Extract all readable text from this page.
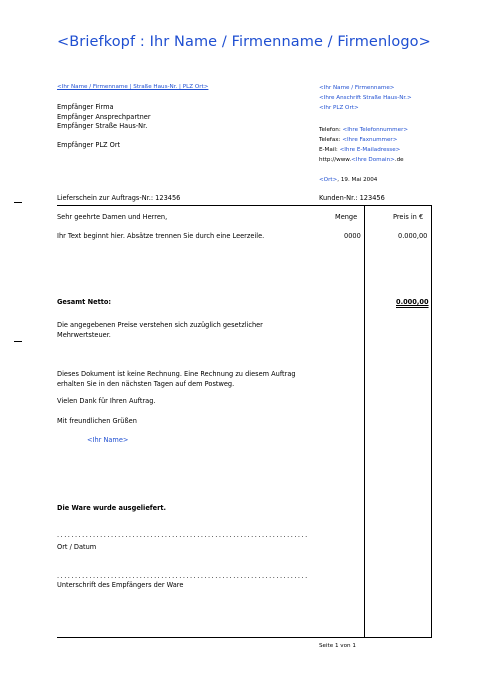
<Briefkopf : Ihr Name / Firmenname / Firmenlogo>
<Ihr Name / Firmenname | Straße Haus-Nr. | PLZ Ort>
Empfänger Firma
Empfänger Ansprechpartner
Empfänger Straße Haus-Nr.
Empfänger PLZ Ort
<Ihr Name / Firmenname>
<Ihre Anschrift Straße Haus-Nr.>
<Ihr PLZ Ort>
Telefon: <Ihre Telefonnummer>
Telefax: <Ihre Faxnummer>
E-Mail: <Ihre E-Mailadresse>
http://www.<Ihre Domain>.de
<Ort>, 19. Mai 2004
Lieferschein zur Auftrags-Nr.: 123456	Kunden-Nr.: 123456
Sehr geehrte Damen und Herren,	Menge	Preis in €
Ihr Text beginnt hier. Absätze trennen Sie durch eine Leerzeile.	0000	0.000,00
Gesamt Netto:	0.000,00
Die angegebenen Preise verstehen sich zuzüglich gesetzlicher
Mehrwertsteuer.
Dieses Dokument ist keine Rechnung. Eine Rechnung zu diesem Auftrag
erhalten Sie in den nächsten Tagen auf dem Postweg.
Vielen Dank für Ihren Auftrag.
Mit freundlichen Grüßen
<Ihr Name>
Die Ware wurde ausgeliefert.
......................................................................
Ort / Datum
......................................................................
Unterschrift des Empfängers der Ware
Seite 1 von 1
